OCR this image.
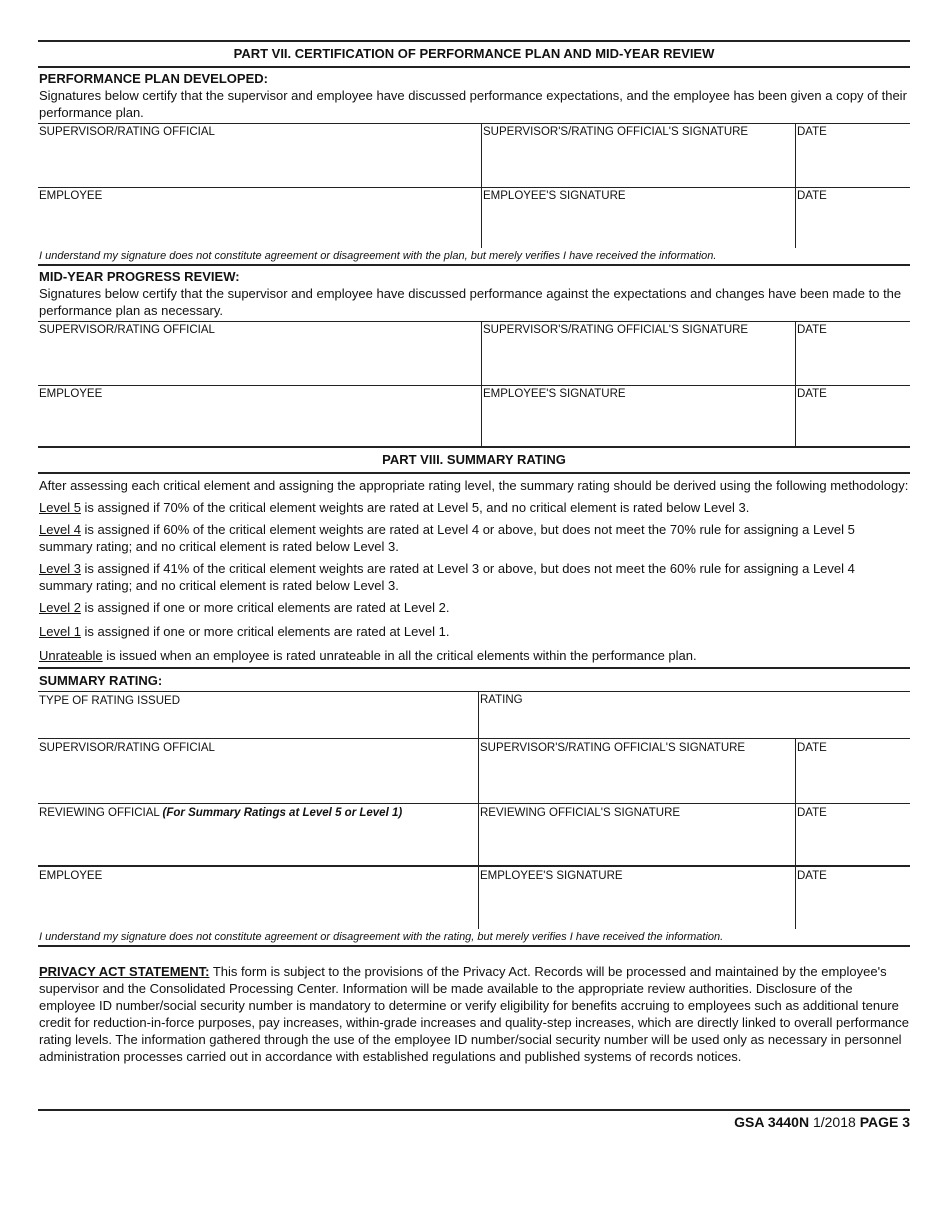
PART VII. CERTIFICATION OF PERFORMANCE PLAN AND MID-YEAR REVIEW
PERFORMANCE PLAN DEVELOPED:
Signatures below certify that the supervisor and employee have discussed performance expectations, and the employee has been given a copy of their performance plan.
SUPERVISOR/RATING OFFICIAL	SUPERVISOR'S/RATING OFFICIAL'S SIGNATURE	DATE
EMPLOYEE	EMPLOYEE'S SIGNATURE	DATE
I understand my signature does not constitute agreement or disagreement with the plan, but merely verifies I have received the information.
MID-YEAR PROGRESS REVIEW:
Signatures below certify that the supervisor and employee have discussed performance against the expectations and changes have been made to the performance plan as necessary.
SUPERVISOR/RATING OFFICIAL	SUPERVISOR'S/RATING OFFICIAL'S SIGNATURE	DATE
EMPLOYEE	EMPLOYEE'S SIGNATURE	DATE
PART VIII. SUMMARY RATING
After assessing each critical element and assigning the appropriate rating level, the summary rating should be derived using the following methodology:
Level 5 is assigned if 70% of the critical element weights are rated at Level 5, and no critical element is rated below Level 3.
Level 4 is assigned if 60% of the critical element weights are rated at Level 4 or above, but does not meet the 70% rule for assigning a Level 5 summary rating; and no critical element is rated below Level 3.
Level 3 is assigned if 41% of the critical element weights are rated at Level 3 or above, but does not meet the 60% rule for assigning a Level 4 summary rating; and no critical element is rated below Level 3.
Level 2 is assigned if one or more critical elements are rated at Level 2.
Level 1 is assigned if one or more critical elements are rated at Level 1.
Unrateable is issued when an employee is rated unrateable in all the critical elements within the performance plan.
SUMMARY RATING:
TYPE OF RATING ISSUED	RATING
SUPERVISOR/RATING OFFICIAL	SUPERVISOR'S/RATING OFFICIAL'S SIGNATURE	DATE
REVIEWING OFFICIAL (For Summary Ratings at Level 5 or Level 1)	REVIEWING OFFICIAL'S SIGNATURE	DATE
EMPLOYEE	EMPLOYEE'S SIGNATURE	DATE
I understand my signature does not constitute agreement or disagreement with the rating, but merely verifies I have received the information.
PRIVACY ACT STATEMENT: This form is subject to the provisions of the Privacy Act. Records will be processed and maintained by the employee's supervisor and the Consolidated Processing Center. Information will be made available to the appropriate review authorities. Disclosure of the employee ID number/social security number is mandatory to determine or verify eligibility for benefits accruing to employees such as additional tenure credit for reduction-in-force purposes, pay increases, within-grade increases and quality-step increases, which are directly linked to overall performance rating levels. The information gathered through the use of the employee ID number/social security number will be used only as necessary in personnel administration processes carried out in accordance with established regulations and published systems of records notices.
GSA 3440N 1/2018 PAGE 3
